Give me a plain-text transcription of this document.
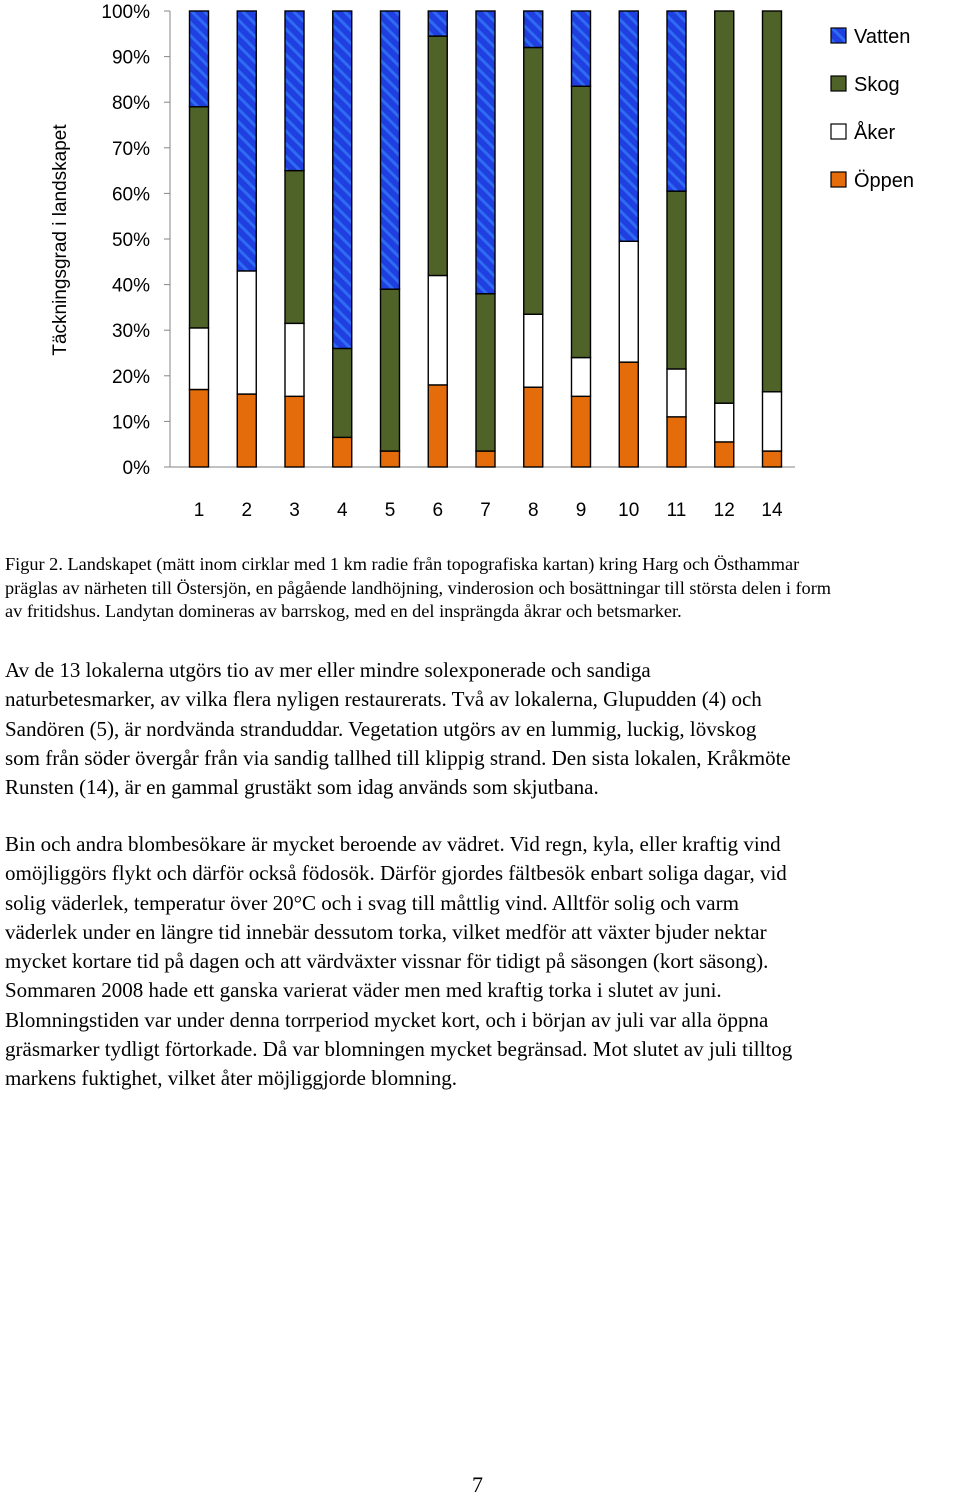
Täckningsgrad i landskapet
0%
10%
20%
30%
40%
50%
60%
70%
80%
90%
100%
1 2 3 4 5 6 7 8 9 10 11 12 14
Vatten
Skog
Åker
Öppen
Figur 2. Landskapet (mätt inom cirklar med 1 km radie från topografiska kartan) kring Harg och Östhammar
präglas av närheten till Östersjön, en pågående landhöjning, vinderosion och bosättningar till största delen i form
av fritidshus. Landytan domineras av barrskog, med en del insprängda åkrar och betsmarker.
Av de 13 lokalerna utgörs tio av mer eller mindre solexponerade och sandiga
naturbetesmarker, av vilka flera nyligen restaurerats. Två av lokalerna, Glupudden (4) och
Sandören (5), är nordvända stranduddar. Vegetation utgörs av en lummig, luckig, lövskog
som från söder övergår från via sandig tallhed till klippig strand. Den sista lokalen, Kråkmöte
Runsten (14), är en gammal grustäkt som idag används som skjutbana.
Bin och andra blombesökare är mycket beroende av vädret. Vid regn, kyla, eller kraftig vind
omöjliggörs flykt och därför också födosök. Därför gjordes fältbesök enbart soliga dagar, vid
solig väderlek, temperatur över 20°C och i svag till måttlig vind. Alltför solig och varm
väderlek under en längre tid innebär dessutom torka, vilket medför att växter bjuder nektar
mycket kortare tid på dagen och att värdväxter vissnar för tidigt på säsongen (kort säsong).
Sommaren 2008 hade ett ganska varierat väder men med kraftig torka i slutet av juni.
Blomningstiden var under denna torrperiod mycket kort, och i början av juli var alla öppna
gräsmarker tydligt förtorkade. Då var blomningen mycket begränsad. Mot slutet av juli tilltog
markens fuktighet, vilket åter möjliggjorde blomning.
7
